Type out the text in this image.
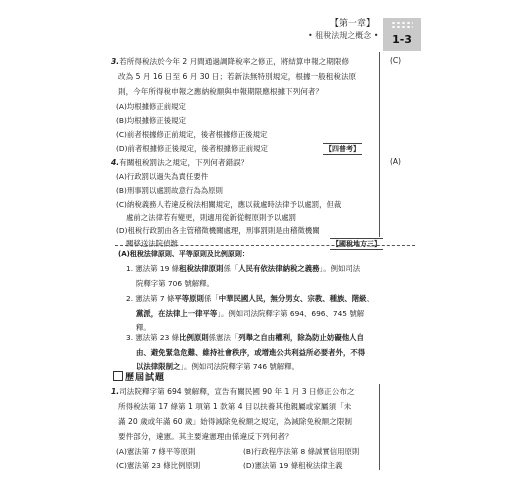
【第一章】
• 租稅法規之概念 •	1-3
3.若所得稅法於今年 2 月間通過調降稅率之修正，將結算申報之期限修
改為 5 月 16 日至 6 月 30 日；若新法無特別規定，根據一般租稅法原
則，今年所得稅申報之應納稅額與申報期限應根據下列何者？
(C)
(A)均根據修正前規定
(B)均根據修正後規定
(C)前者根據修正前規定，後者根據修正後規定
(D)前者根據修正後規定，後者根據修正前規定	【四普考】
4.有關租稅罰法之規定，下列何者錯誤？	(A)
(A)行政罰以過失為責任要件
(B)刑事罰以處罰故意行為為原則
(C)納稅義務人若違反稅法相關規定，應以裁處時法律予以處罰，但裁
處前之法律若有變更，則適用從新從輕原則予以處罰
(D)租稅行政罰由各主管稽徵機關處理，刑事罰則是由稽徵機關
關移送法院偵辦	【國稅地方三】
(A)租稅法律原則、平等原則及比例原則：
1. 憲法第 19 條租稅法律原則係「人民有依法律納稅之義務」。例如司法
院釋字第 706 號解釋。
2. 憲法第 7 條平等原則係「中華民國人民，無分男女、宗教、種族、階級、
黨派，在法律上一律平等」。例如司法院釋字第 694、696、745 號解
釋。
3. 憲法第 23 條比例原則係憲法「列舉之自由權利，除為防止妨礙他人自
由、避免緊急危難、維持社會秩序，或增進公共利益所必要者外，不得
以法律限制之」。例如司法院釋字第 746 號解釋。
歷屆試題
1.司法院釋字第 694 號解釋，宣告有關民國 90 年 1 月 3 日修正公布之
所得稅法第 17 條第 1 項第 1 款第 4 目以扶養其他親屬或家屬須「未
滿 20 歲或年滿 60 歲」始得減除免稅額之規定，為減除免稅額之限制
要件部分，違憲。其主要違憲理由係違反下列何者？
(A)憲法第 7 條平等原則	(B)行政程序法第 8 條誠實信用原則
(C)憲法第 23 條比例原則	(D)憲法第 19 條租稅法律主義
